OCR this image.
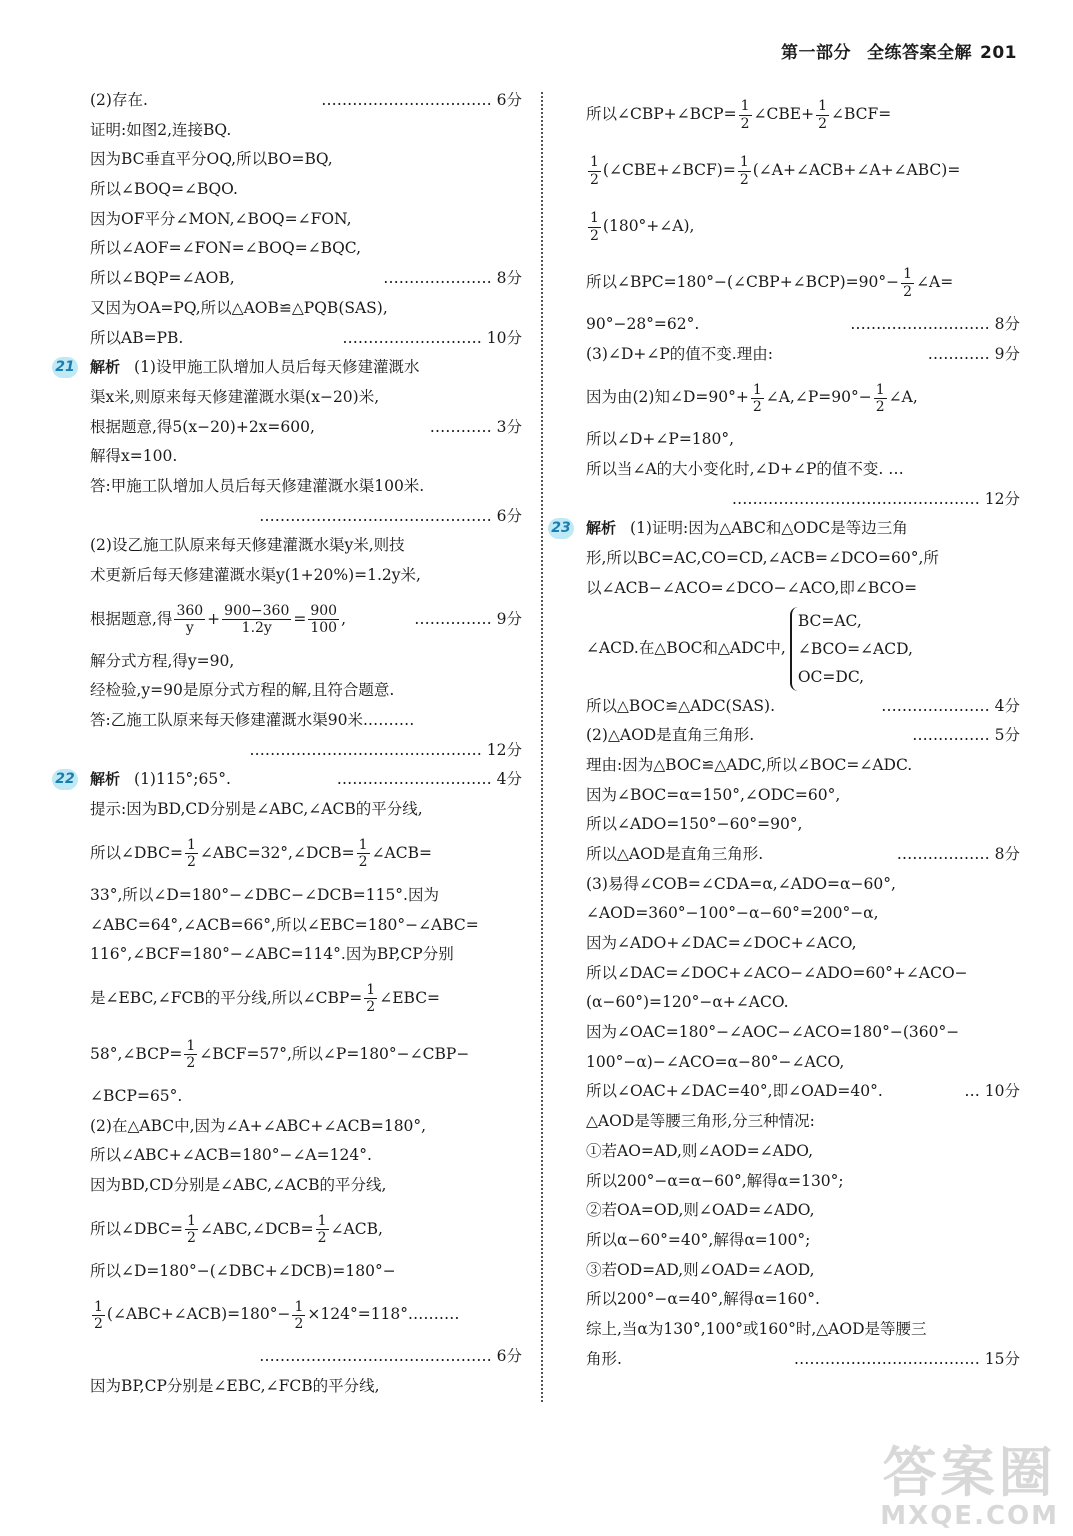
第一部分 全练答案全解 201
(2)存在.	…………………………… 6分
证明:如图2,连接BQ.
因为BC垂直平分OQ,所以BO=BQ,
所以∠BOQ=∠BQO.
因为OF平分∠MON,∠BOQ=∠FON,
所以∠AOF=∠FON=∠BOQ=∠BQC,
所以∠BQP=∠AOB,	………………… 8分
又因为OA=PQ,所以△AOB≌△PQB(SAS),
所以AB=PB.	……………………… 10分
21 解析 (1)设甲施工队增加人员后每天修建灌溉水
渠x米,则原来每天修建灌溉水渠(x−20)米,
根据题意,得5(x−20)+2x=600,	………… 3分
解得x=100.
答:甲施工队增加人员后每天修建灌溉水渠100米.
……………………………………… 6分
(2)设乙施工队原来每天修建灌溉水渠y米,则技
术更新后每天修建灌溉水渠y(1+20%)=1.2y米,
根据题意,得 $\frac{360}{y} + \frac{900-360}{1.2y} = \frac{900}{100}$ ,	…………… 9分
解分式方程,得y=90,
经检验,y=90是原分式方程的解,且符合题意.
答:乙施工队原来每天修建灌溉水渠90米.………
……………………………………… 12分
22 解析 (1)115°;65°.	………………………… 4分
提示:因为BD,CD分别是∠ABC,∠ACB的平分线,
所以∠DBC= $\frac{1}{2}$ ∠ABC=32°,∠DCB= $\frac{1}{2}$ ∠ACB=
33°,所以∠D=180°−∠DBC−∠DCB=115°.因为
∠ABC=64°,∠ACB=66°,所以∠EBC=180°−∠ABC=
116°,∠BCF=180°−∠ABC=114°.因为BP,CP分别
是∠EBC,∠FCB的平分线,所以∠CBP= $\frac{1}{2}$ ∠EBC=
58°,∠BCP= $\frac{1}{2}$ ∠BCF=57°,所以∠P=180°−∠CBP−
∠BCP=65°.
(2)在△ABC中,因为∠A+∠ABC+∠ACB=180°,
所以∠ABC+∠ACB=180°−∠A=124°.
因为BD,CD分别是∠ABC,∠ACB的平分线,
所以∠DBC= $\frac{1}{2}$ ∠ABC,∠DCB= $\frac{1}{2}$ ∠ACB,
所以∠D=180°−(∠DBC+∠DCB)=180°−
$\frac{1}{2}$ (∠ABC+∠ACB)=180°− $\frac{1}{2}$ ×124°=118°.………
……………………………………… 6分
因为BP,CP分别是∠EBC,∠FCB的平分线,
所以∠CBP+∠BCP= $\frac{1}{2}$ ∠CBE+ $\frac{1}{2}$ ∠BCF=
$\frac{1}{2}$ (∠CBE+∠BCF)= $\frac{1}{2}$ (∠A+∠ACB+∠A+∠ABC)=
$\frac{1}{2}$ (180°+∠A),
所以∠BPC=180°−(∠CBP+∠BCP)=90°− $\frac{1}{2}$ ∠A=
90°−28°=62°.	……………………… 8分
(3)∠D+∠P的值不变.理由:	………… 9分
因为由(2)知∠D=90°+ $\frac{1}{2}$ ∠A,∠P=90°− $\frac{1}{2}$ ∠A,
所以∠D+∠P=180°,
所以当∠A的大小变化时,∠D+∠P的值不变. …
………………………………………… 12分
23 解析 (1)证明:因为△ABC和△ODC是等边三角
形,所以BC=AC,CO=CD,∠ACB=∠DCO=60°,所
以∠ACB−∠ACO=∠DCO−∠ACO,即∠BCO=
∠ACD.在△BOC和△ADC中,
BC=AC,
∠BCO=∠ACD,
OC=DC,
所以△BOC≌△ADC(SAS).	………………… 4分
(2)△AOD是直角三角形.	…………… 5分
理由:因为△BOC≌△ADC,所以∠BOC=∠ADC.
因为∠BOC=α=150°,∠ODC=60°,
所以∠ADO=150°−60°=90°,
所以△AOD是直角三角形.	……………… 8分
(3)易得∠COB=∠CDA=α,∠ADO=α−60°,
∠AOD=360°−100°−α−60°=200°−α,
因为∠ADO+∠DAC=∠DOC+∠ACO,
所以∠DAC=∠DOC+∠ACO−∠ADO=60°+∠ACO−
(α−60°)=120°−α+∠ACO.
因为∠OAC=180°−∠AOC−∠ACO=180°−(360°−
100°−α)−∠ACO=α−80°−∠ACO,
所以∠OAC+∠DAC=40°,即∠OAD=40°.	… 10分
△AOD是等腰三角形,分三种情况:
①若AO=AD,则∠AOD=∠ADO,
所以200°−α=α−60°,解得α=130°;
②若OA=OD,则∠OAD=∠ADO,
所以α−60°=40°,解得α=100°;
③若OD=AD,则∠OAD=∠AOD,
所以200°−α=40°,解得α=160°.
综上,当α为130°,100°或160°时,△AOD是等腰三
角形.	……………………………… 15分
答案圈
MXQE.COM
